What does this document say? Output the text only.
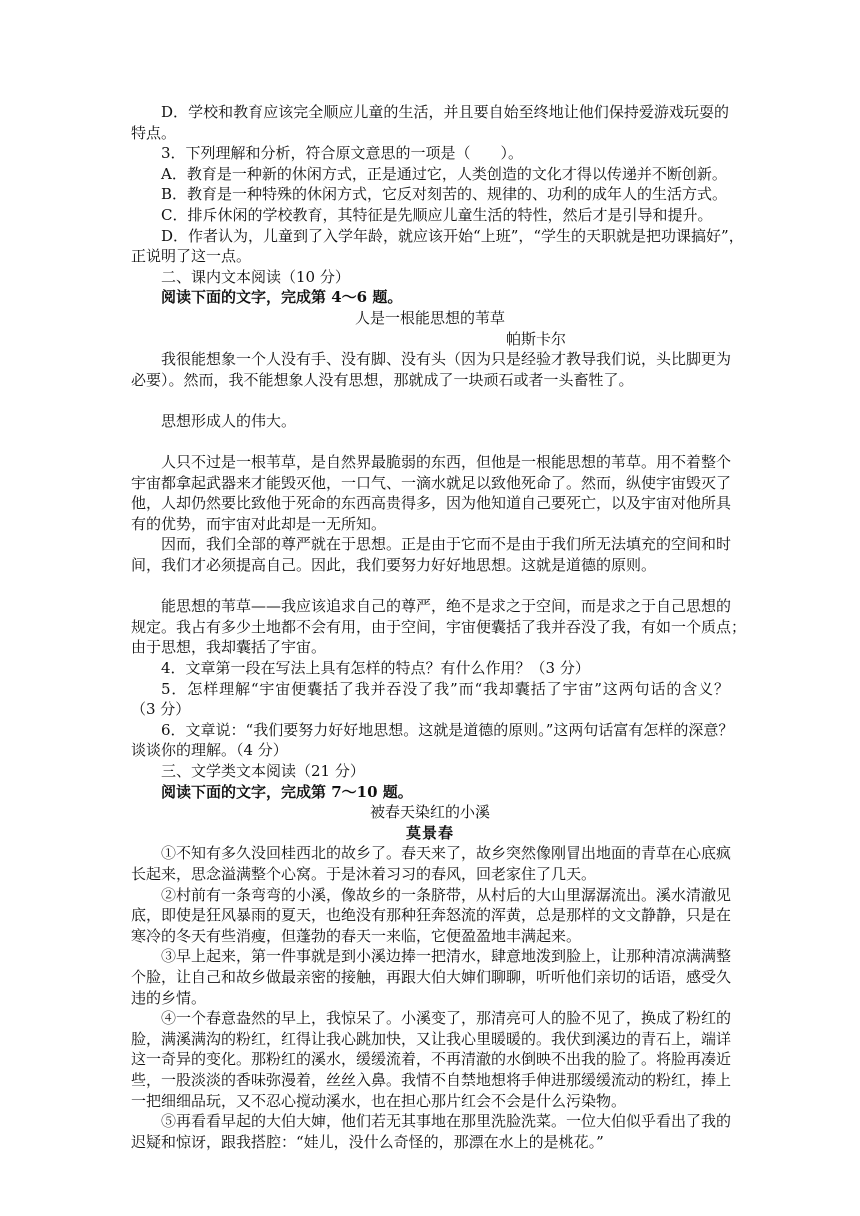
D．学校和教育应该完全顺应儿童的生活，并且要自始至终地让他们保持爱游戏玩耍的
特点。
3．下列理解和分析，符合原文意思的一项是（　　）。
A．教育是一种新的休闲方式，正是通过它，人类创造的文化才得以传递并不断创新。
B．教育是一种特殊的休闲方式，它反对刻苦的、规律的、功利的成年人的生活方式。
C．排斥休闲的学校教育，其特征是先顺应儿童生活的特性，然后才是引导和提升。
D．作者认为，儿童到了入学年龄，就应该开始“上班”，“学生的天职就是把功课搞好”，
正说明了这一点。
二、课内文本阅读（10 分）
阅读下面的文字，完成第 4～6 题。
人是一根能思想的苇草
帕斯卡尔
我很能想象一个人没有手、没有脚、没有头（因为只是经验才教导我们说，头比脚更为
必要）。然而，我不能想象人没有思想，那就成了一块顽石或者一头畜牲了。
思想形成人的伟大。
人只不过是一根苇草，是自然界最脆弱的东西，但他是一根能思想的苇草。用不着整个
宇宙都拿起武器来才能毁灭他，一口气、一滴水就足以致他死命了。然而，纵使宇宙毁灭了
他，人却仍然要比致他于死命的东西高贵得多，因为他知道自己要死亡，以及宇宙对他所具
有的优势，而宇宙对此却是一无所知。
因而，我们全部的尊严就在于思想。正是由于它而不是由于我们所无法填充的空间和时
间，我们才必须提高自己。因此，我们要努力好好地思想。这就是道德的原则。
能思想的苇草——我应该追求自己的尊严，绝不是求之于空间，而是求之于自己思想的
规定。我占有多少土地都不会有用，由于空间，宇宙便囊括了我并吞没了我，有如一个质点；
由于思想，我却囊括了宇宙。
4．文章第一段在写法上具有怎样的特点？有什么作用？（3 分）
5．怎样理解“宇宙便囊括了我并吞没了我”而“我却囊括了宇宙”这两句话的含义？
（3 分）
6．文章说：“我们要努力好好地思想。这就是道德的原则。”这两句话富有怎样的深意？
谈谈你的理解。（4 分）
三、文学类文本阅读（21 分）
阅读下面的文字，完成第 7～10 题。
被春天染红的小溪
莫景春
①不知有多久没回桂西北的故乡了。春天来了，故乡突然像刚冒出地面的青草在心底疯
长起来，思念溢满整个心窝。于是沐着习习的春风，回老家住了几天。
②村前有一条弯弯的小溪，像故乡的一条脐带，从村后的大山里潺潺流出。溪水清澈见
底，即使是狂风暴雨的夏天，也绝没有那种狂奔怒流的浑黄，总是那样的文文静静，只是在
寒冷的冬天有些消瘦，但蓬勃的春天一来临，它便盈盈地丰满起来。
③早上起来，第一件事就是到小溪边捧一把清水，肆意地泼到脸上，让那种清凉满满整
个脸，让自己和故乡做最亲密的接触，再跟大伯大婶们聊聊，听听他们亲切的话语，感受久
违的乡情。
④一个春意盎然的早上，我惊呆了。小溪变了，那清亮可人的脸不见了，换成了粉红的
脸，满溪满沟的粉红，红得让我心跳加快，又让我心里暖暖的。我伏到溪边的青石上，端详
这一奇异的变化。那粉红的溪水，缓缓流着，不再清澈的水倒映不出我的脸了。将脸再凑近
些，一股淡淡的香味弥漫着，丝丝入鼻。我情不自禁地想将手伸进那缓缓流动的粉红，捧上
一把细细品玩，又不忍心搅动溪水，也在担心那片红会不会是什么污染物。
⑤再看看早起的大伯大婶，他们若无其事地在那里洗脸洗菜。一位大伯似乎看出了我的
迟疑和惊讶，跟我搭腔：“娃儿，没什么奇怪的，那漂在水上的是桃花。”
